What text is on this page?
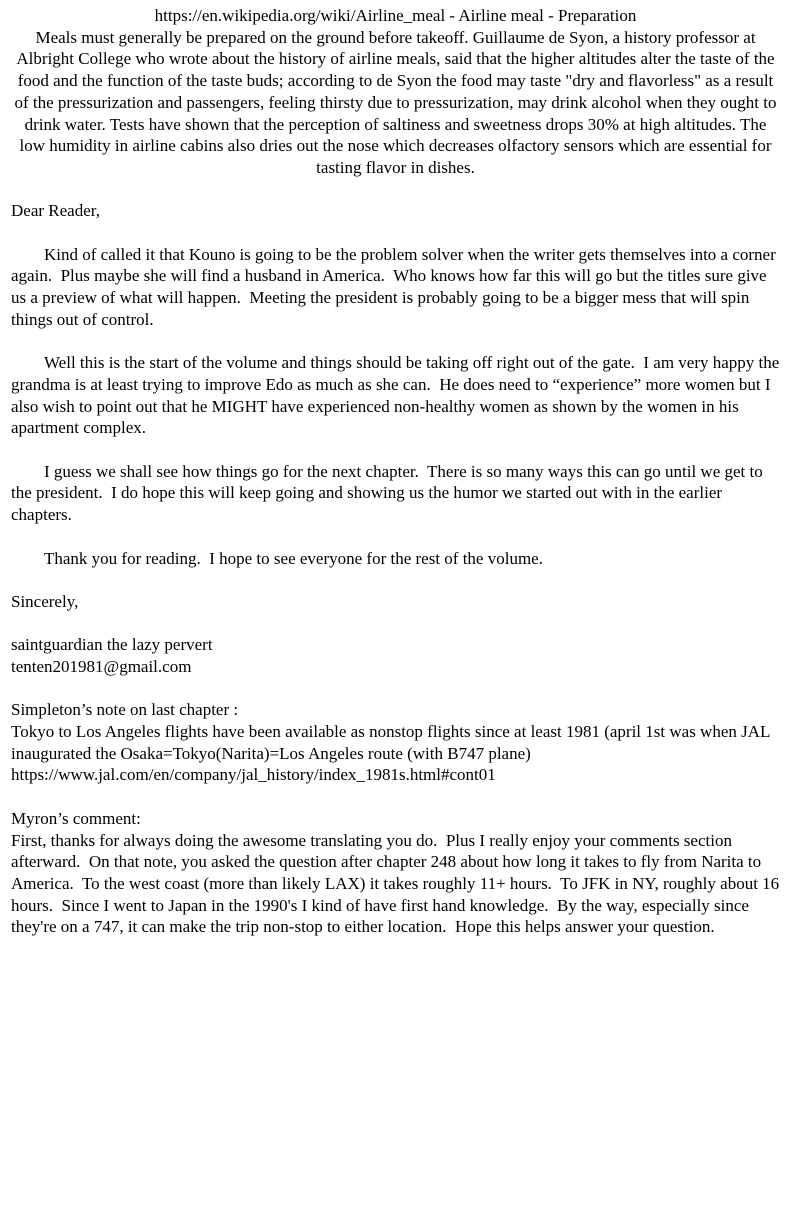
https://en.wikipedia.org/wiki/Airline_meal - Airline meal - Preparation
Meals must generally be prepared on the ground before takeoff. Guillaume de Syon, a history professor at Albright College who wrote about the history of airline meals, said that the higher altitudes alter the taste of the food and the function of the taste buds; according to de Syon the food may taste "dry and flavorless" as a result of the pressurization and passengers, feeling thirsty due to pressurization, may drink alcohol when they ought to drink water. Tests have shown that the perception of saltiness and sweetness drops 30% at high altitudes. The low humidity in airline cabins also dries out the nose which decreases olfactory sensors which are essential for tasting flavor in dishes.
Dear Reader,
Kind of called it that Kouno is going to be the problem solver when the writer gets themselves into a corner again.  Plus maybe she will find a husband in America.  Who knows how far this will go but the titles sure give us a preview of what will happen.  Meeting the president is probably going to be a bigger mess that will spin things out of control.
Well this is the start of the volume and things should be taking off right out of the gate.  I am very happy the grandma is at least trying to improve Edo as much as she can.  He does need to “experience” more women but I also wish to point out that he MIGHT have experienced non-healthy women as shown by the women in his apartment complex.
I guess we shall see how things go for the next chapter.  There is so many ways this can go until we get to the president.  I do hope this will keep going and showing us the humor we started out with in the earlier chapters.
Thank you for reading.  I hope to see everyone for the rest of the volume.
Sincerely,
saintguardian the lazy pervert
tenten201981@gmail.com
Simpleton’s note on last chapter :
Tokyo to Los Angeles flights have been available as nonstop flights since at least 1981 (april 1st was when JAL inaugurated the Osaka=Tokyo(Narita)=Los Angeles route (with B747 plane)
https://www.jal.com/en/company/jal_history/index_1981s.html#cont01
Myron’s comment:
First, thanks for always doing the awesome translating you do.  Plus I really enjoy your comments section afterward.  On that note, you asked the question after chapter 248 about how long it takes to fly from Narita to America.  To the west coast (more than likely LAX) it takes roughly 11+ hours.  To JFK in NY, roughly about 16 hours.  Since I went to Japan in the 1990's I kind of have first hand knowledge.  By the way, especially since they're on a 747, it can make the trip non-stop to either location.  Hope this helps answer your question.
